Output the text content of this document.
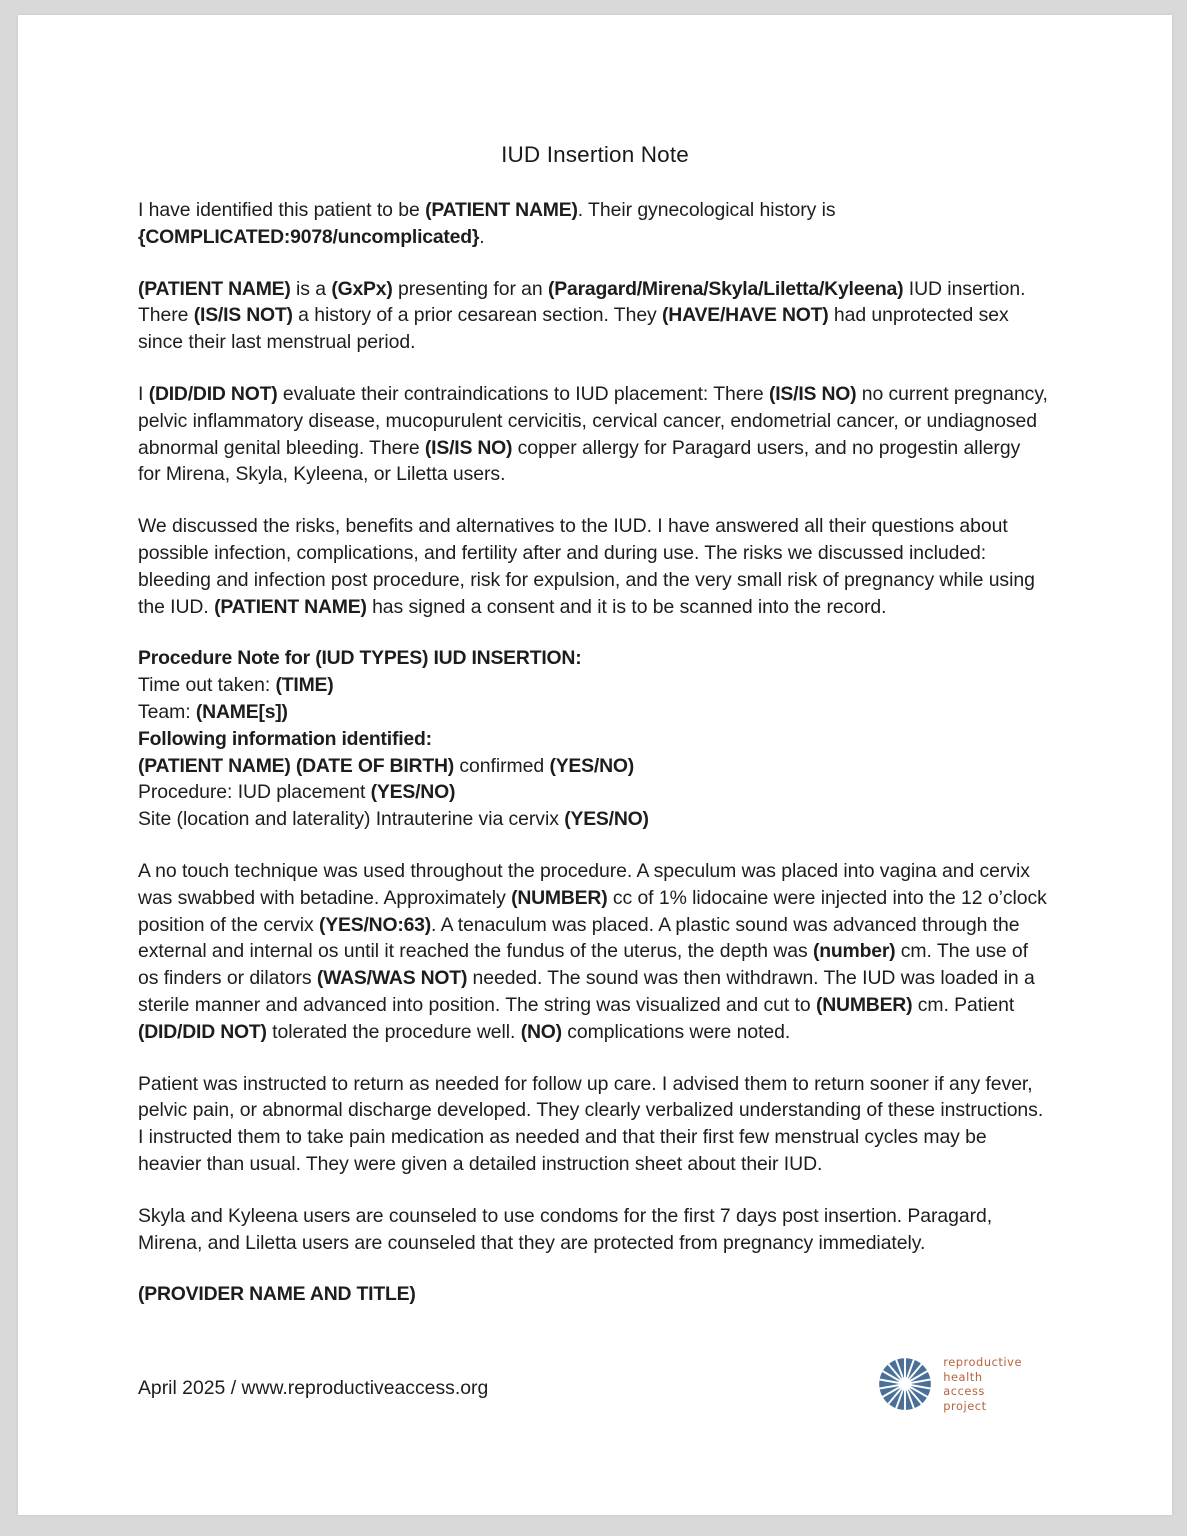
IUD Insertion Note

I have identified this patient to be (PATIENT NAME). Their gynecological history is {COMPLICATED:9078/uncomplicated}.

(PATIENT NAME) is a (GxPx) presenting for an (Paragard/Mirena/Skyla/Liletta/Kyleena) IUD insertion. There (IS/IS NOT) a history of a prior cesarean section. They (HAVE/HAVE NOT) had unprotected sex since their last menstrual period.

I (DID/DID NOT) evaluate their contraindications to IUD placement: There (IS/IS NO) no current pregnancy, pelvic inflammatory disease, mucopurulent cervicitis, cervical cancer, endometrial cancer, or undiagnosed abnormal genital bleeding. There (IS/IS NO) copper allergy for Paragard users, and no progestin allergy for Mirena, Skyla, Kyleena, or Liletta users.

We discussed the risks, benefits and alternatives to the IUD. I have answered all their questions about possible infection, complications, and fertility after and during use. The risks we discussed included: bleeding and infection post procedure, risk for expulsion, and the very small risk of pregnancy while using the IUD. (PATIENT NAME) has signed a consent and it is to be scanned into the record.

Procedure Note for (IUD TYPES) IUD INSERTION:
Time out taken: (TIME)
Team: (NAME[s])
Following information identified:
(PATIENT NAME) (DATE OF BIRTH) confirmed (YES/NO)
Procedure: IUD placement (YES/NO)
Site (location and laterality) Intrauterine via cervix (YES/NO)

A no touch technique was used throughout the procedure. A speculum was placed into vagina and cervix was swabbed with betadine. Approximately (NUMBER) cc of 1% lidocaine were injected into the 12 o’clock position of the cervix (YES/NO:63). A tenaculum was placed. A plastic sound was advanced through the external and internal os until it reached the fundus of the uterus, the depth was (number) cm. The use of os finders or dilators (WAS/WAS NOT) needed. The sound was then withdrawn. The IUD was loaded in a sterile manner and advanced into position. The string was visualized and cut to (NUMBER) cm. Patient (DID/DID NOT) tolerated the procedure well. (NO) complications were noted.

Patient was instructed to return as needed for follow up care. I advised them to return sooner if any fever, pelvic pain, or abnormal discharge developed. They clearly verbalized understanding of these instructions. I instructed them to take pain medication as needed and that their first few menstrual cycles may be heavier than usual. They were given a detailed instruction sheet about their IUD.

Skyla and Kyleena users are counseled to use condoms for the first 7 days post insertion. Paragard, Mirena, and Liletta users are counseled that they are protected from pregnancy immediately.

(PROVIDER NAME AND TITLE)

April 2025 / www.reproductiveaccess.org
reproductive
health
access
project
